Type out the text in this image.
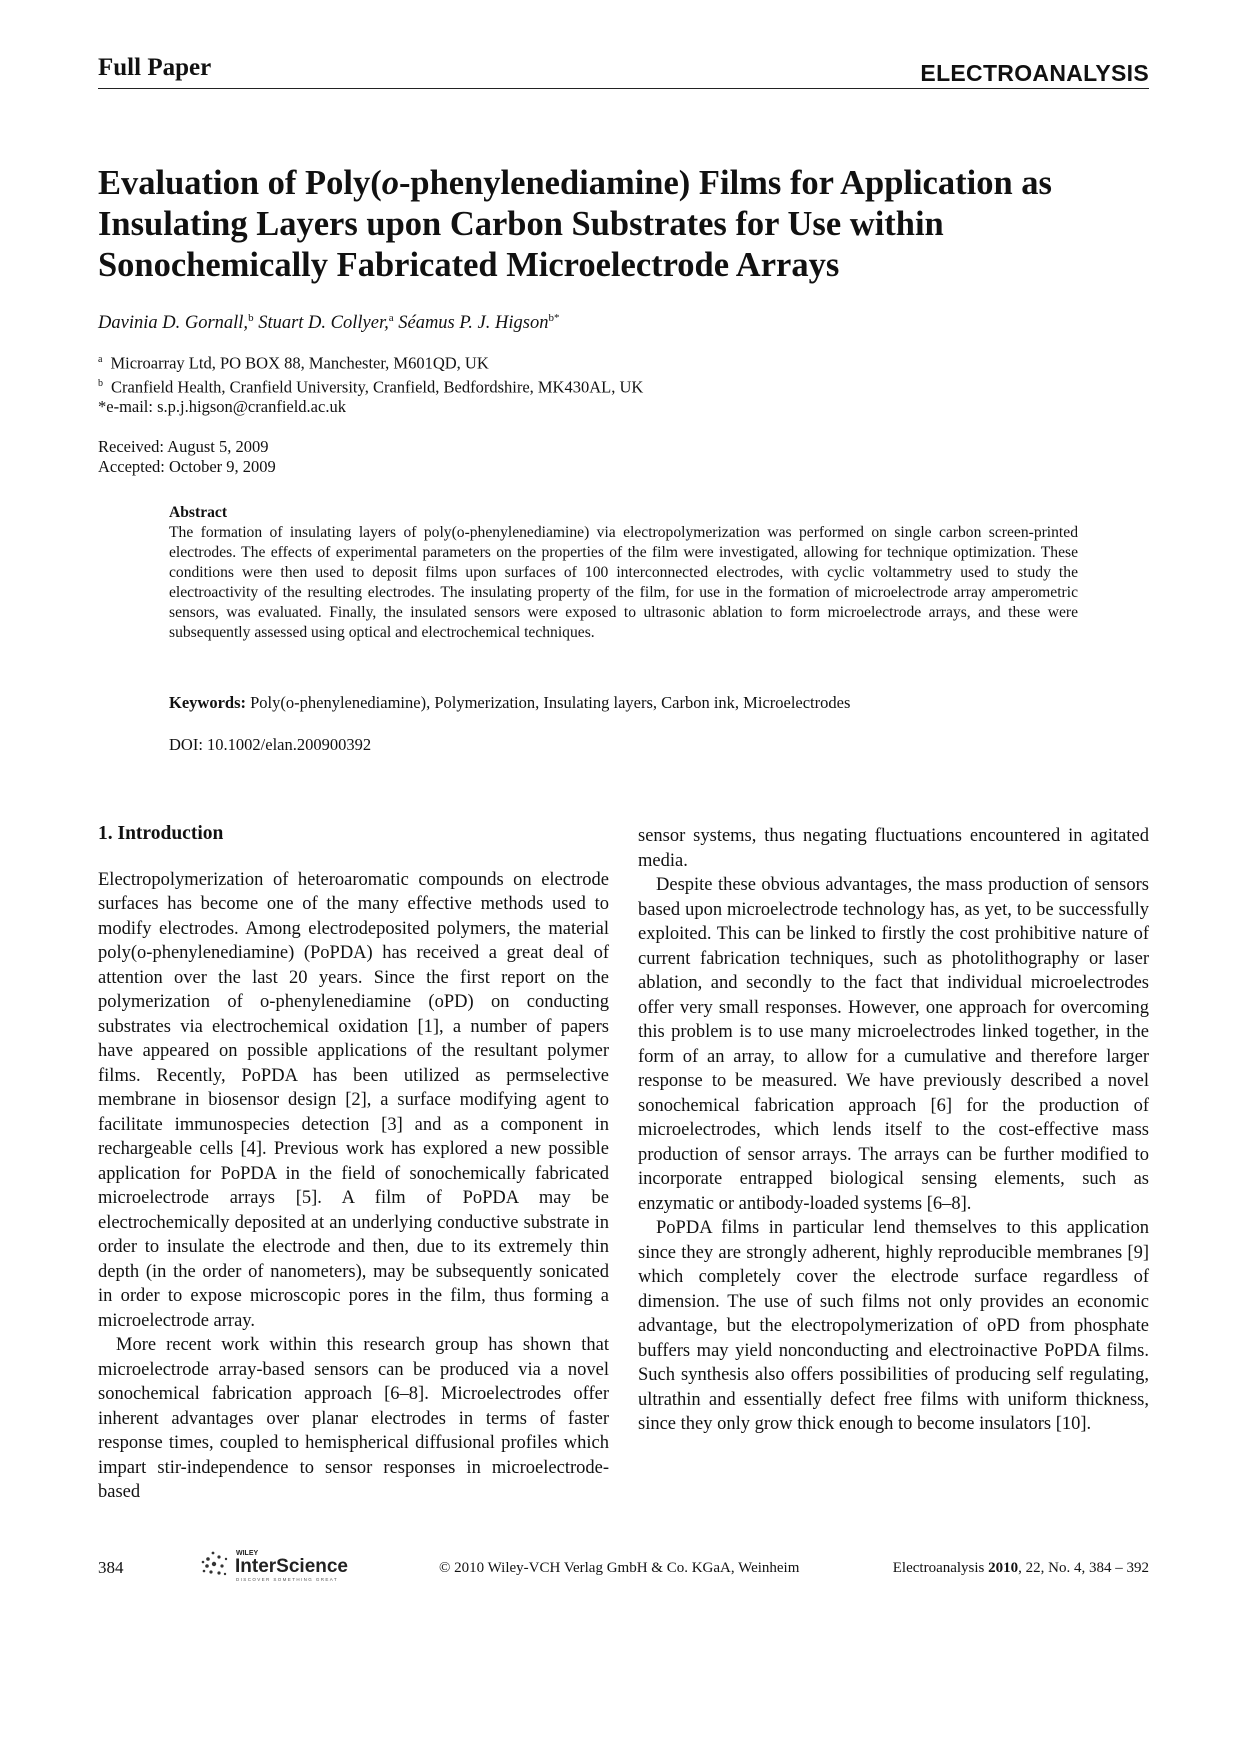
Full Paper	ELECTROANALYSIS
Evaluation of Poly(o-phenylenediamine) Films for Application as
Insulating Layers upon Carbon Substrates for Use within
Sonochemically Fabricated Microelectrode Arrays
Davinia D. Gornall,$^b$ Stuart D. Collyer,$^a$ Séamus P. J. Higson$^{b*}$
$^a$ Microarray Ltd, PO BOX 88, Manchester, M601QD, UK
$^b$ Cranfield Health, Cranfield University, Cranfield, Bedfordshire, MK430AL, UK
*e-mail: s.p.j.higson@cranfield.ac.uk
Received: August 5, 2009
Accepted: October 9, 2009
Abstract
The formation of insulating layers of poly(o-phenylenediamine) via electropolymerization was performed on single carbon screen-printed electrodes. The effects of experimental parameters on the properties of the film were investigated, allowing for technique optimization. These conditions were then used to deposit films upon surfaces of 100 interconnected electrodes, with cyclic voltammetry used to study the electroactivity of the resulting electrodes. The insulating property of the film, for use in the formation of microelectrode array amperometric sensors, was evaluated. Finally, the insulated sensors were exposed to ultrasonic ablation to form microelectrode arrays, and these were subsequently assessed using optical and electrochemical techniques.
Keywords: Poly(o-phenylenediamine), Polymerization, Insulating layers, Carbon ink, Microelectrodes
DOI: 10.1002/elan.200900392
1. Introduction

Electropolymerization of heteroaromatic compounds on electrode surfaces has become one of the many effective methods used to modify electrodes. Among electrodeposited polymers, the material poly(o-phenylenediamine) (PoPDA) has received a great deal of attention over the last 20 years. Since the first report on the polymerization of o-phenylenediamine (oPD) on conducting substrates via electrochemical oxidation [1], a number of papers have appeared on possible applications of the resultant polymer films. Recently, PoPDA has been utilized as permselective membrane in biosensor design [2], a surface modifying agent to facilitate immunospecies detection [3] and as a component in rechargeable cells [4]. Previous work has explored a new possible application for PoPDA in the field of sonochemically fabricated microelectrode arrays [5]. A film of PoPDA may be electrochemically deposited at an underlying conductive substrate in order to insulate the electrode and then, due to its extremely thin depth (in the order of nanometers), may be subsequently sonicated in order to expose microscopic pores in the film, thus forming a microelectrode array.

More recent work within this research group has shown that microelectrode array-based sensors can be produced via a novel sonochemical fabrication approach [6–8]. Microelectrodes offer inherent advantages over planar electrodes in terms of faster response times, coupled to hemispherical diffusional profiles which impart stir-independence to sensor responses in microelectrode-based

sensor systems, thus negating fluctuations encountered in agitated media.

Despite these obvious advantages, the mass production of sensors based upon microelectrode technology has, as yet, to be successfully exploited. This can be linked to firstly the cost prohibitive nature of current fabrication techniques, such as photolithography or laser ablation, and secondly to the fact that individual microelectrodes offer very small responses. However, one approach for overcoming this problem is to use many microelectrodes linked together, in the form of an array, to allow for a cumulative and therefore larger response to be measured. We have previously described a novel sonochemical fabrication approach [6] for the production of microelectrodes, which lends itself to the cost-effective mass production of sensor arrays. The arrays can be further modified to incorporate entrapped biological sensing elements, such as enzymatic or antibody-loaded systems [6–8].

PoPDA films in particular lend themselves to this application since they are strongly adherent, highly reproducible membranes [9] which completely cover the electrode surface regardless of dimension. The use of such films not only provides an economic advantage, but the electropolymerization of oPD from phosphate buffers may yield nonconducting and electroinactive PoPDA films. Such synthesis also offers possibilities of producing self regulating, ultrathin and essentially defect free films with uniform thickness, since they only grow thick enough to become insulators [10].

384
WILEY
InterScience
DISCOVER SOMETHING GREAT
© 2010 Wiley-VCH Verlag GmbH & Co. KGaA, Weinheim	Electroanalysis 2010, 22, No. 4, 384 – 392
